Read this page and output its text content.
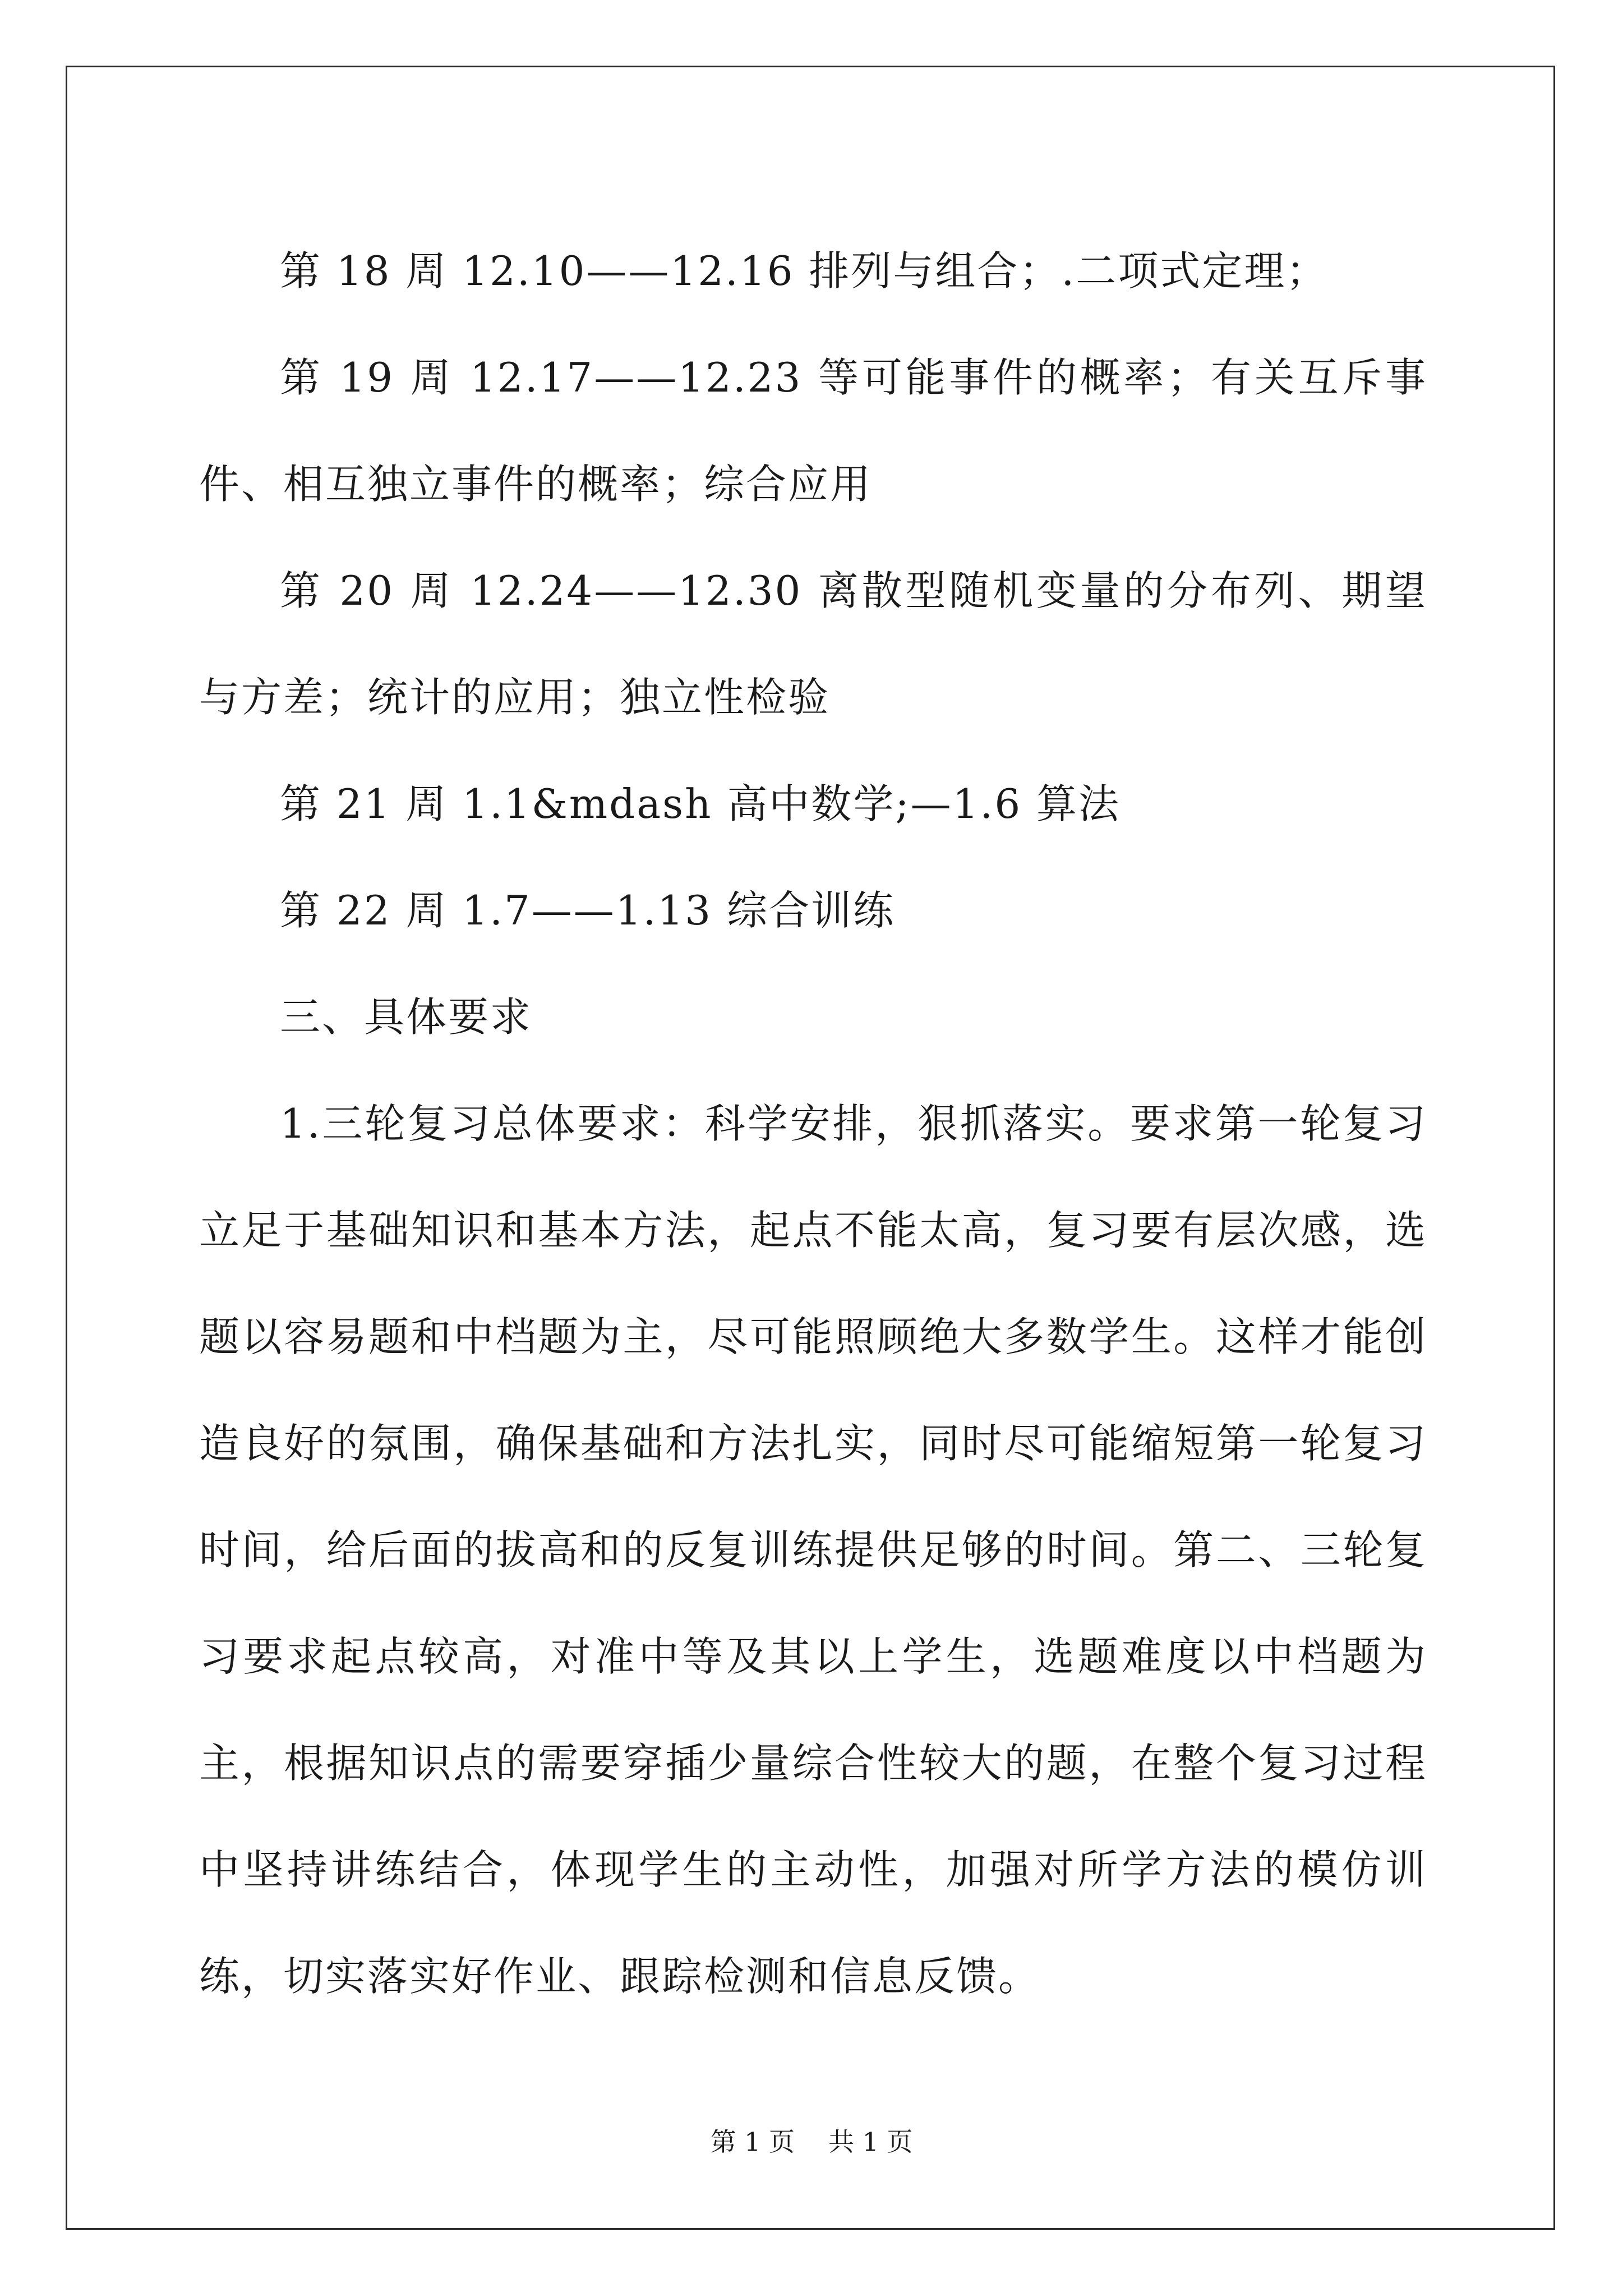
第 18 周 12.10——12.16 排列与组合；.二项式定理；

第 19 周 12.17——12.23 等可能事件的概率；有关互斥事件、相互独立事件的概率；综合应用

第 20 周 12.24——12.30 离散型随机变量的分布列、期望与方差；统计的应用；独立性检验

第 21 周 1.1&mdash 高中数学;—1.6 算法

第 22 周 1.7——1.13 综合训练

三、具体要求

1.三轮复习总体要求：科学安排，狠抓落实。要求第一轮复习立足于基础知识和基本方法，起点不能太高，复习要有层次感，选题以容易题和中档题为主，尽可能照顾绝大多数学生。这样才能创造良好的氛围，确保基础和方法扎实，同时尽可能缩短第一轮复习时间，给后面的拔高和的反复训练提供足够的时间。第二、三轮复习要求起点较高，对准中等及其以上学生，选题难度以中档题为主，根据知识点的需要穿插少量综合性较大的题，在整个复习过程中坚持讲练结合，体现学生的主动性，加强对所学方法的模仿训练，切实落实好作业、跟踪检测和信息反馈。

第 1 页 共 1 页
